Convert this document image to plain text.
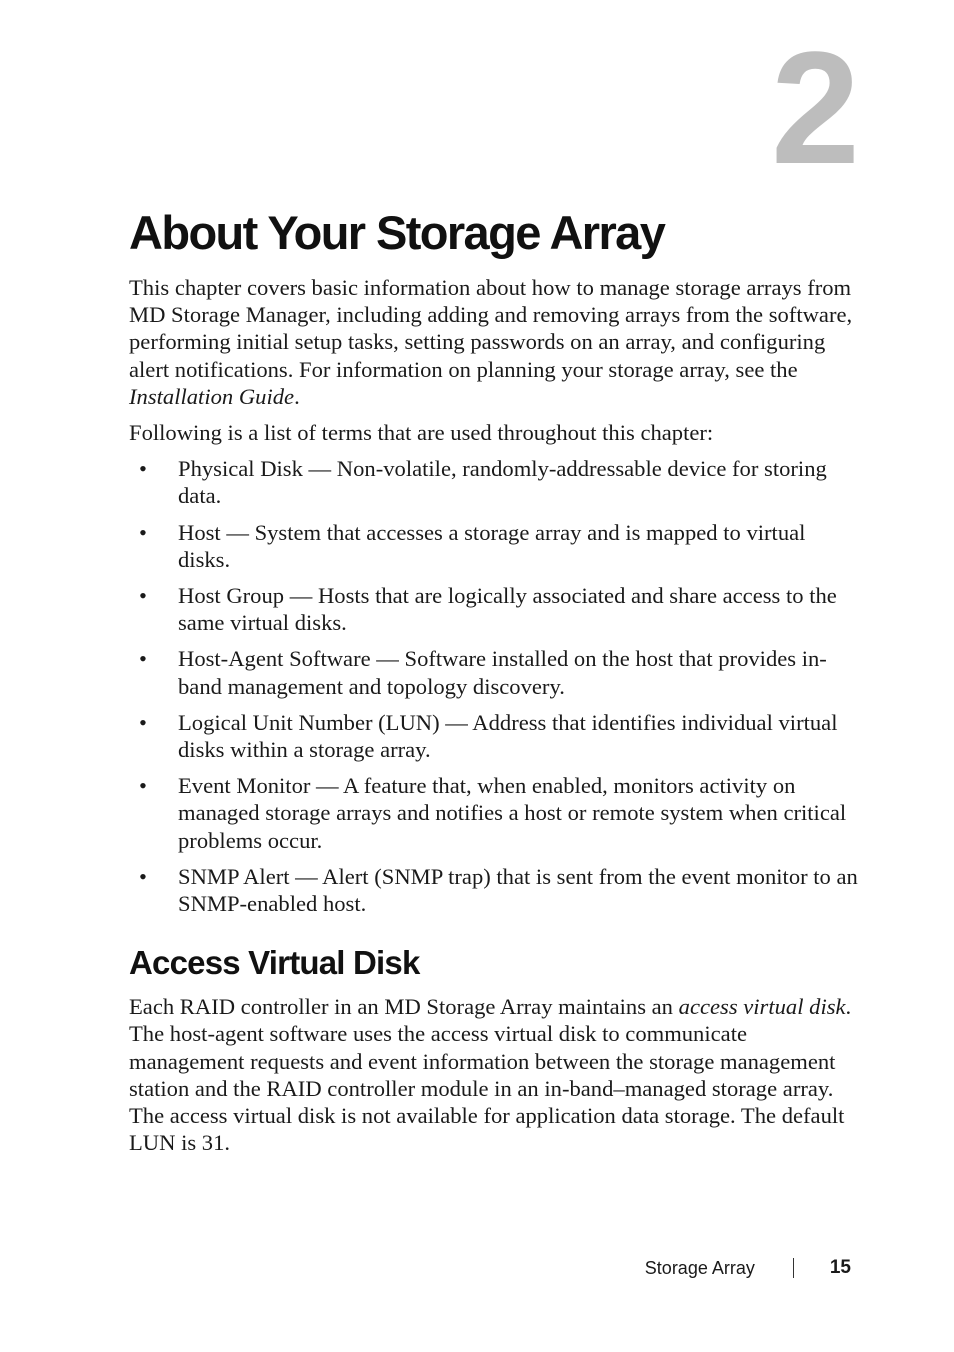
2
About Your Storage Array

This chapter covers basic information about how to manage storage arrays from MD Storage Manager, including adding and removing arrays from the software, performing initial setup tasks, setting passwords on an array, and configuring alert notifications. For information on planning your storage array, see the Installation Guide.

Following is a list of terms that are used throughout this chapter:

• Physical Disk — Non-volatile, randomly-addressable device for storing data.
• Host — System that accesses a storage array and is mapped to virtual disks.
• Host Group — Hosts that are logically associated and share access to the same virtual disks.
• Host-Agent Software — Software installed on the host that provides in-band management and topology discovery.
• Logical Unit Number (LUN) — Address that identifies individual virtual disks within a storage array.
• Event Monitor — A feature that, when enabled, monitors activity on managed storage arrays and notifies a host or remote system when critical problems occur.
• SNMP Alert — Alert (SNMP trap) that is sent from the event monitor to an SNMP-enabled host.
Access Virtual Disk

Each RAID controller in an MD Storage Array maintains an access virtual disk. The host-agent software uses the access virtual disk to communicate management requests and event information between the storage management station and the RAID controller module in an in-band–managed storage array. The access virtual disk is not available for application data storage. The default LUN is 31.

Storage Array	15
